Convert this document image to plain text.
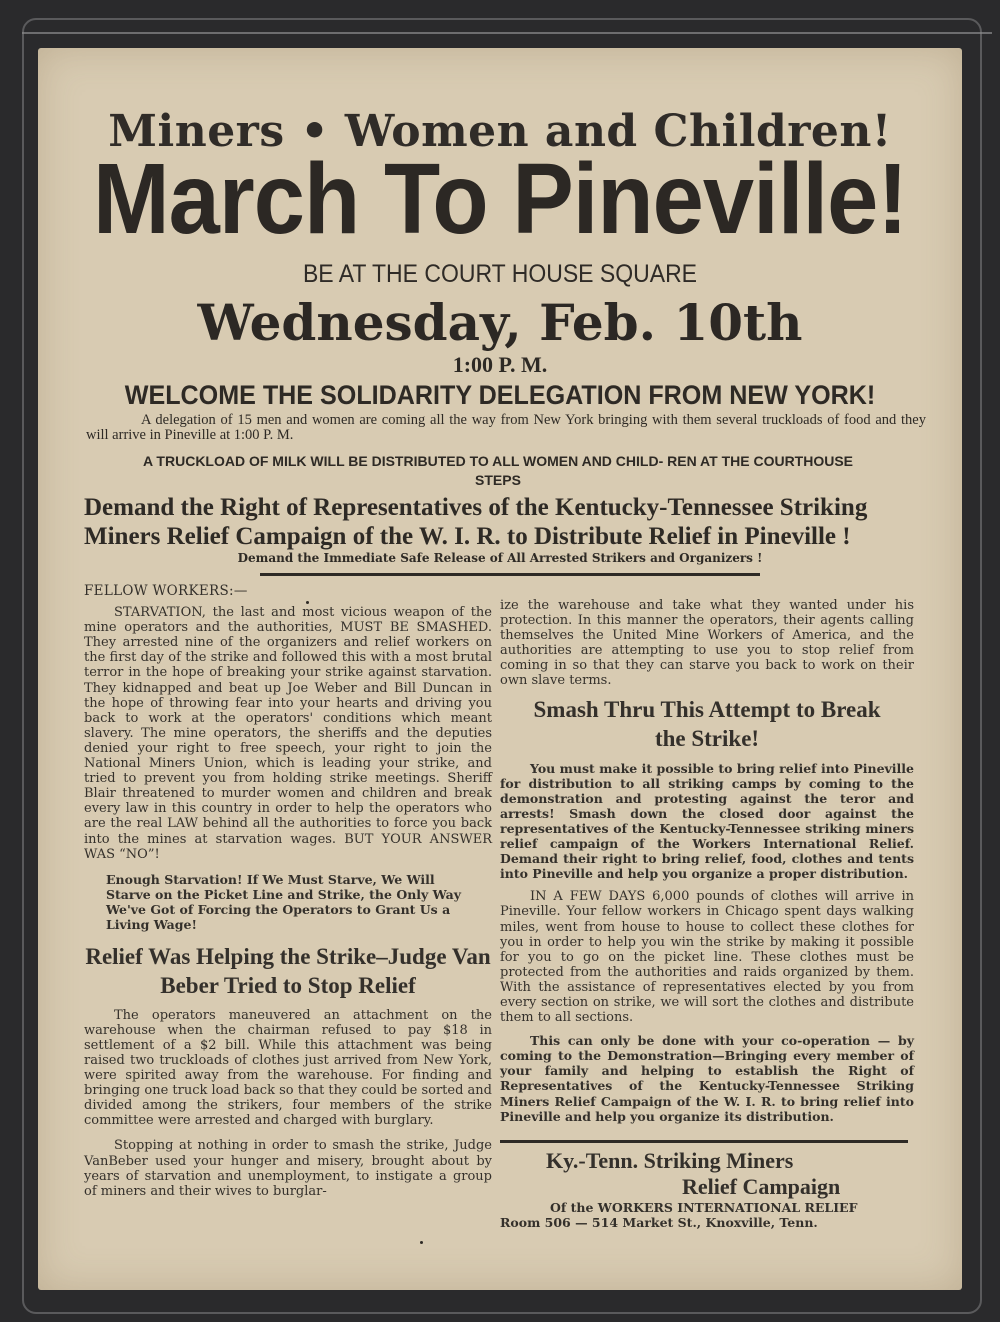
Miners • Women and Children!
March To Pineville!
BE AT THE COURT HOUSE SQUARE
Wednesday, Feb. 10th
1:00 P. M.
WELCOME THE SOLIDARITY DELEGATION FROM NEW YORK!
A delegation of 15 men and women are coming all the way from New York bringing with them several truckloads of food and they will arrive in Pineville at 1:00 P. M.
A TRUCKLOAD OF MILK WILL BE DISTRIBUTED TO ALL WOMEN AND CHILD- REN AT THE COURTHOUSE STEPS
Demand the Right of Representatives of the Kentucky-Tennessee Striking Miners Relief Campaign of the W. I. R. to Distribute Relief in Pineville !
Demand the Immediate Safe Release of All Arrested Strikers and Organizers !

FELLOW WORKERS:—

STARVATION, the last and most vicious weapon of the mine operators and the authorities, MUST BE SMASHED. They arrested nine of the organizers and relief workers on the first day of the strike and followed this with a most brutal terror in the hope of breaking your strike against starvation. They kidnapped and beat up Joe Weber and Bill Duncan in the hope of throwing fear into your hearts and driving you back to work at the operators' conditions which meant slavery. The mine operators, the sheriffs and the deputies denied your right to free speech, your right to join the National Miners Union, which is leading your strike, and tried to prevent you from holding strike meetings. Sheriff Blair threatened to murder women and children and break every law in this country in order to help the operators who are the real LAW behind all the authorities to force you back into the mines at starvation wages. BUT YOUR ANSWER WAS “NO”!

Enough Starvation! If We Must Starve, We Will Starve on the Picket Line and Strike, the Only Way We've Got of Forcing the Operators to Grant Us a Living Wage!

Relief Was Helping the Strike–Judge Van Beber Tried to Stop Relief

The operators maneuvered an attachment on the warehouse when the chairman refused to pay $18 in settlement of a $2 bill. While this attachment was being raised two truckloads of clothes just arrived from New York, were spirited away from the warehouse. For finding and bringing one truck load back so that they could be sorted and divided among the strikers, four members of the strike committee were arrested and charged with burglary.

Stopping at nothing in order to smash the strike, Judge VanBeber used your hunger and misery, brought about by years of starvation and unemployment, to instigate a group of miners and their wives to burglar-

ize the warehouse and take what they wanted under his protection. In this manner the operators, their agents calling themselves the United Mine Workers of America, and the authorities are attempting to use you to stop relief from coming in so that they can starve you back to work on their own slave terms.

Smash Thru This Attempt to Break the Strike!

You must make it possible to bring relief into Pineville for distribution to all striking camps by coming to the demonstration and protesting against the teror and arrests! Smash down the closed door against the representatives of the Kentucky-Tennessee striking miners relief campaign of the Workers International Relief. Demand their right to bring relief, food, clothes and tents into Pineville and help you organize a proper distribution.

IN A FEW DAYS 6,000 pounds of clothes will arrive in Pineville. Your fellow workers in Chicago spent days walking miles, went from house to house to collect these clothes for you in order to help you win the strike by making it possible for you to go on the picket line. These clothes must be protected from the authorities and raids organized by them. With the assistance of representatives elected by you from every section on strike, we will sort the clothes and distribute them to all sections.

This can only be done with your co-operation — by coming to the Demonstration—Bringing every member of your family and helping to establish the Right of Representatives of the Kentucky-Tennessee Striking Miners Relief Campaign of the W. I. R. to bring relief into Pineville and help you organize its distribution.

Ky.-Tenn. Striking Miners

Relief Campaign

Of the WORKERS INTERNATIONAL RELIEF

Room 506 — 514 Market St., Knoxville, Tenn.
